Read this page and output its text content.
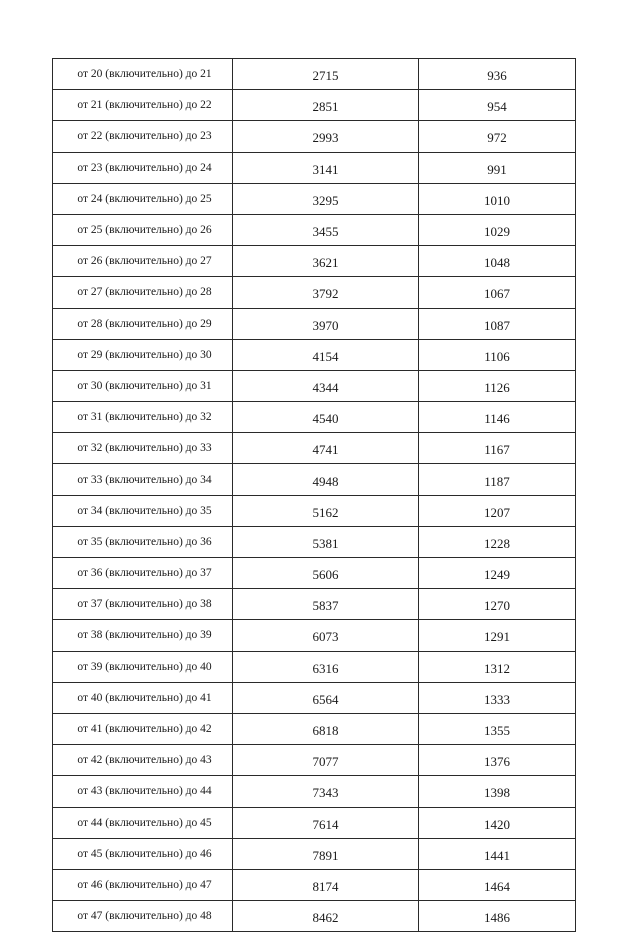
от 20 (включительно) до 21	2715	936
от 21 (включительно) до 22	2851	954
от 22 (включительно) до 23	2993	972
от 23 (включительно) до 24	3141	991
от 24 (включительно) до 25	3295	1010
от 25 (включительно) до 26	3455	1029
от 26 (включительно) до 27	3621	1048
от 27 (включительно) до 28	3792	1067
от 28 (включительно) до 29	3970	1087
от 29 (включительно) до 30	4154	1106
от 30 (включительно) до 31	4344	1126
от 31 (включительно) до 32	4540	1146
от 32 (включительно) до 33	4741	1167
от 33 (включительно) до 34	4948	1187
от 34 (включительно) до 35	5162	1207
от 35 (включительно) до 36	5381	1228
от 36 (включительно) до 37	5606	1249
от 37 (включительно) до 38	5837	1270
от 38 (включительно) до 39	6073	1291
от 39 (включительно) до 40	6316	1312
от 40 (включительно) до 41	6564	1333
от 41 (включительно) до 42	6818	1355
от 42 (включительно) до 43	7077	1376
от 43 (включительно) до 44	7343	1398
от 44 (включительно) до 45	7614	1420
от 45 (включительно) до 46	7891	1441
от 46 (включительно) до 47	8174	1464
от 47 (включительно) до 48	8462	1486
